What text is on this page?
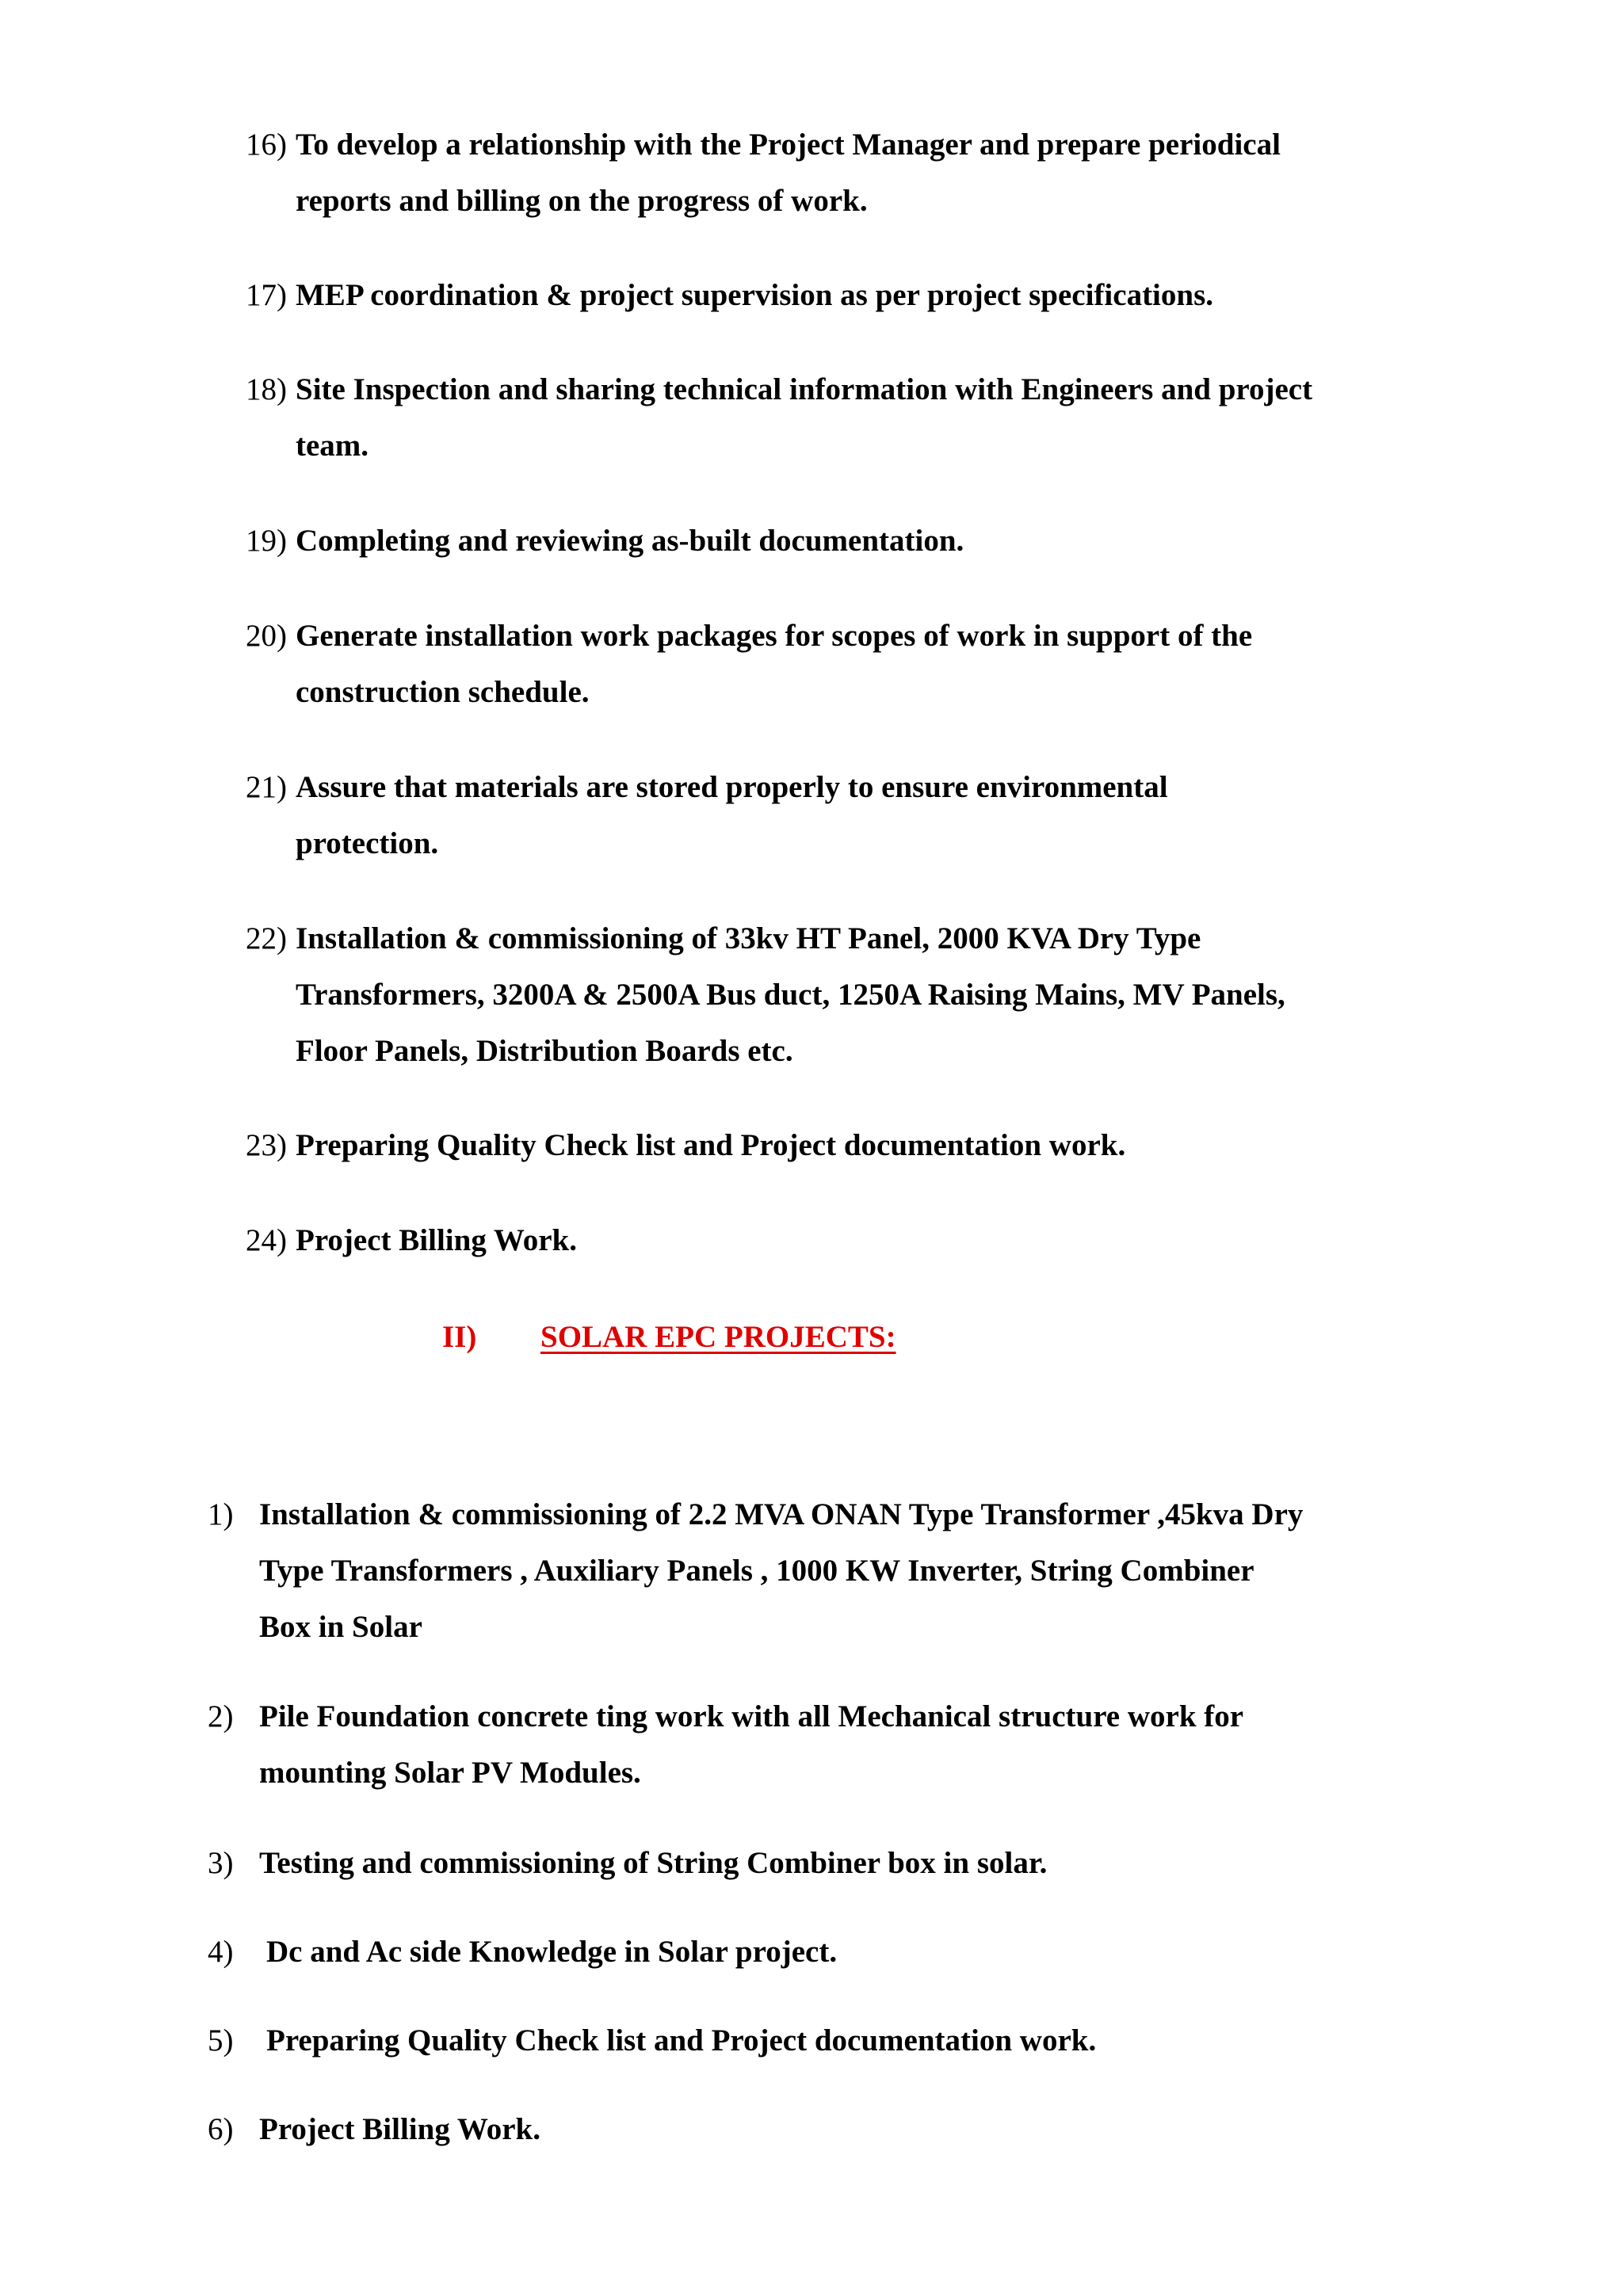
16) To develop a relationship with the Project Manager and prepare periodical
reports and billing on the progress of work.
17) MEP coordination & project supervision as per project specifications.
18) Site Inspection and sharing technical information with Engineers and project
team.
19) Completing and reviewing as-built documentation.
20) Generate installation work packages for scopes of work in support of the
construction schedule.
21) Assure that materials are stored properly to ensure environmental
protection.
22) Installation & commissioning of 33kv HT Panel, 2000 KVA Dry Type
Transformers, 3200A & 2500A Bus duct, 1250A Raising Mains, MV Panels,
Floor Panels, Distribution Boards etc.
23) Preparing Quality Check list and Project documentation work.
24) Project Billing Work.
II) SOLAR EPC PROJECTS:
1) Installation & commissioning of 2.2 MVA ONAN Type Transformer ,45kva Dry
Type Transformers , Auxiliary Panels , 1000 KW Inverter, String Combiner
Box in Solar
2) Pile Foundation concrete ting work with all Mechanical structure work for
mounting Solar PV Modules.
3) Testing and commissioning of String Combiner box in solar.
4) Dc and Ac side Knowledge in Solar project.
5) Preparing Quality Check list and Project documentation work.
6) Project Billing Work.
